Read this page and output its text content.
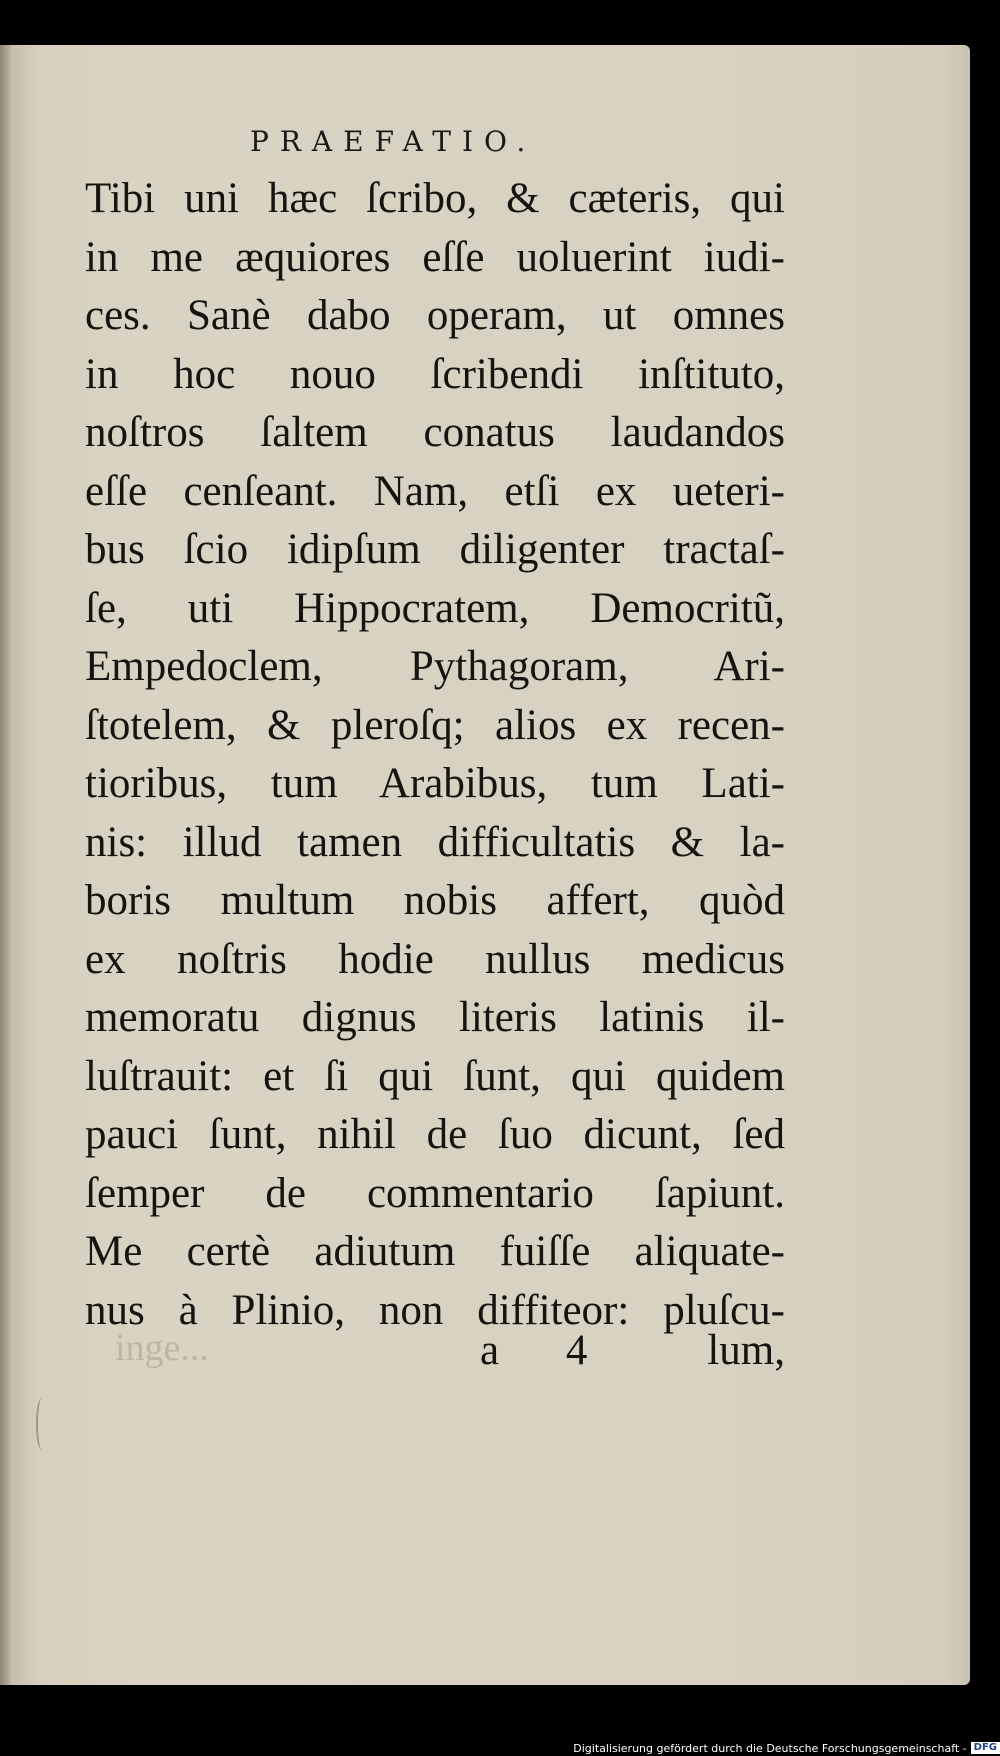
PRAEFATIO.
Tibi uni hæc ſcribo, & cæteris, qui
in me æquiores eſſe uoluerint iudi-
ces. Sanè dabo operam, ut omnes
in hoc nouo ſcribendi inſtituto,
noſtros ſaltem conatus laudandos
eſſe cenſeant. Nam, etſi ex ueteri-
bus ſcio idipſum diligenter tractaſ-
ſe, uti Hippocratem, Democritũ,
Empedoclem, Pythagoram, Ari-
ſtotelem, & pleroſq; alios ex recen-
tioribus, tum Arabibus, tum Lati-
nis: illud tamen difficultatis & la-
boris multum nobis affert, quòd
ex noſtris hodie nullus medicus
memoratu dignus literis latinis il-
luſtrauit: et ſi qui ſunt, qui quidem
pauci ſunt, nihil de ſuo dicunt, ſed
ſemper de commentario ſapiunt.
Me certè adiutum fuiſſe aliquate-
nus à Plinio, non diffiteor: pluſcu-
inge...	a 4 lum,
Digitalisierung gefördert durch die Deutsche Forschungsgemeinschaft - DFG
